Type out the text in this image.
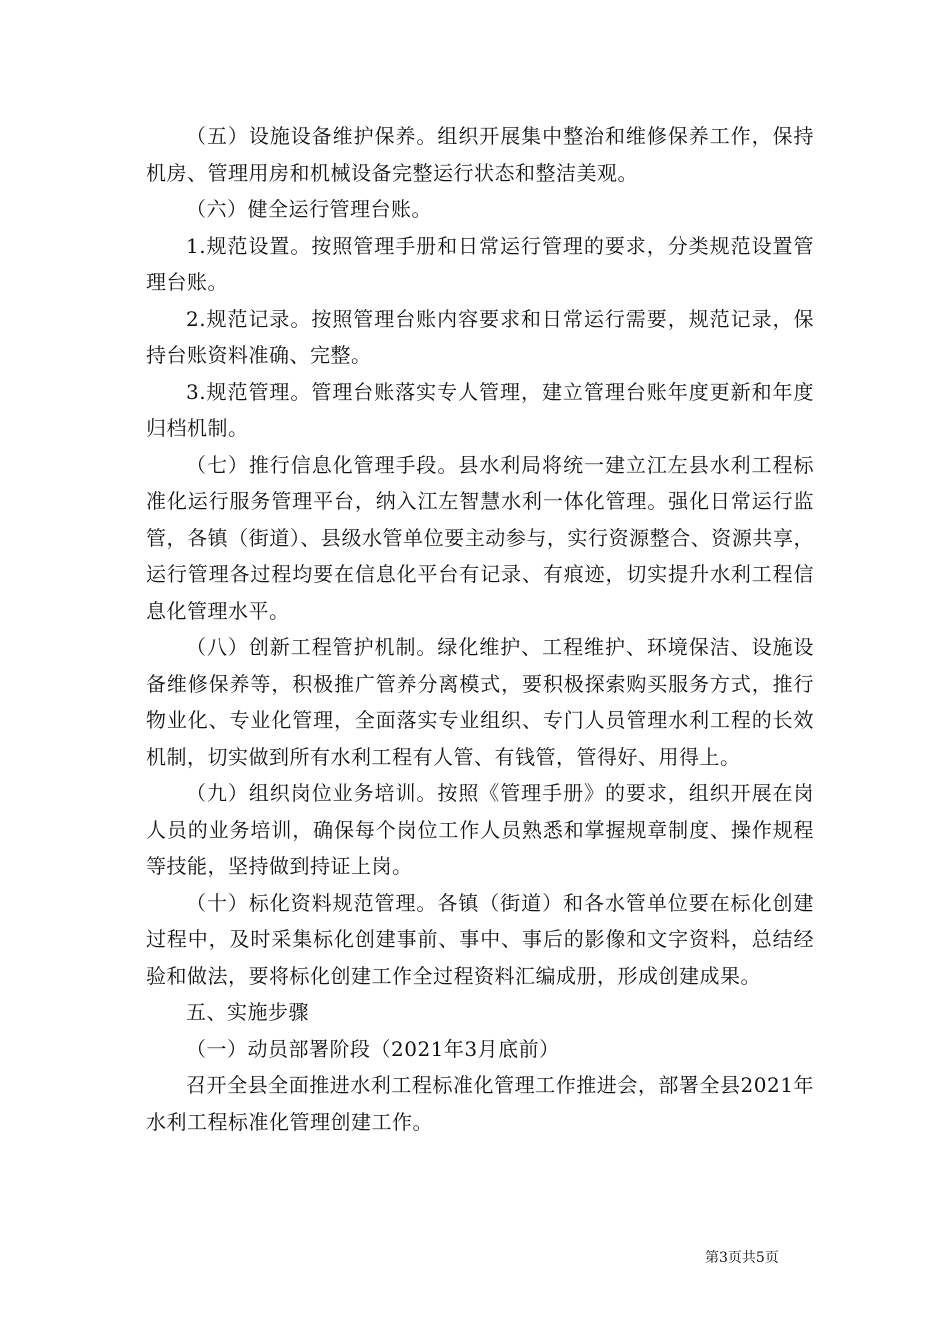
（五）设施设备维护保养。组织开展集中整治和维修保养工作，保持机房、管理用房和机械设备完整运行状态和整洁美观。

（六）健全运行管理台账。

1.规范设置。按照管理手册和日常运行管理的要求，分类规范设置管理台账。

2.规范记录。按照管理台账内容要求和日常运行需要，规范记录，保持台账资料准确、完整。

3.规范管理。管理台账落实专人管理，建立管理台账年度更新和年度归档机制。

（七）推行信息化管理手段。县水利局将统一建立江左县水利工程标准化运行服务管理平台，纳入江左智慧水利一体化管理。强化日常运行监管，各镇（街道）、县级水管单位要主动参与，实行资源整合、资源共享，运行管理各过程均要在信息化平台有记录、有痕迹，切实提升水利工程信息化管理水平。

（八）创新工程管护机制。绿化维护、工程维护、环境保洁、设施设备维修保养等，积极推广管养分离模式，要积极探索购买服务方式，推行物业化、专业化管理，全面落实专业组织、专门人员管理水利工程的长效机制，切实做到所有水利工程有人管、有钱管，管得好、用得上。

（九）组织岗位业务培训。按照《管理手册》的要求，组织开展在岗人员的业务培训，确保每个岗位工作人员熟悉和掌握规章制度、操作规程等技能，坚持做到持证上岗。

（十）标化资料规范管理。各镇（街道）和各水管单位要在标化创建过程中，及时采集标化创建事前、事中、事后的影像和文字资料，总结经验和做法，要将标化创建工作全过程资料汇编成册，形成创建成果。

五、实施步骤

（一）动员部署阶段（2021年3月底前）

召开全县全面推进水利工程标准化管理工作推进会，部署全县2021年水利工程标准化管理创建工作。

第3页共5页
